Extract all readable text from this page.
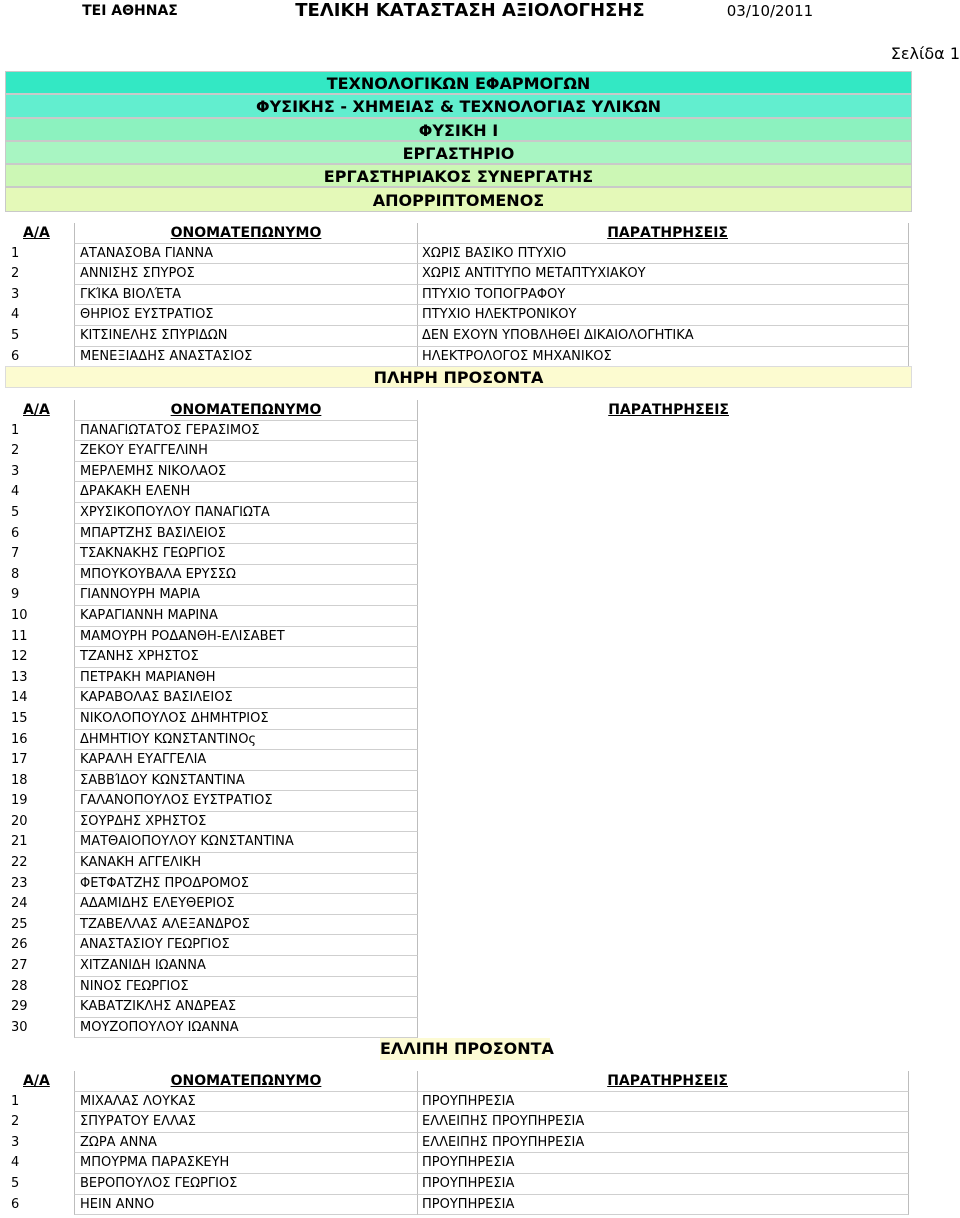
ΤΕΙ ΑΘΗΝΑΣ	ΤΕΛΙΚΗ ΚΑΤΑΣΤΑΣΗ ΑΞΙΟΛΟΓΗΣΗΣ	03/10/2011
Σελίδα 1
ΤΕΧΝΟΛΟΓΙΚΩΝ ΕΦΑΡΜΟΓΩΝ
ΦΥΣΙΚΗΣ - ΧΗΜΕΙΑΣ & ΤΕΧΝΟΛΟΓΙΑΣ ΥΛΙΚΩΝ
ΦΥΣΙΚΗ Ι
ΕΡΓΑΣΤΗΡΙΟ
ΕΡΓΑΣΤΗΡΙΑΚΟΣ ΣΥΝΕΡΓΑΤΗΣ
ΑΠΟΡΡΙΠΤΟΜΕΝΟΣ
Α/Α	ΟΝΟΜΑΤΕΠΩΝΥΜΟ	ΠΑΡΑΤΗΡΗΣΕΙΣ
1	ΑΤΑΝΑΣΟΒΑ ΓΙΑΝΝΑ	ΧΩΡΙΣ ΒΑΣΙΚΟ ΠΤΥΧΙΟ
2	ΑΝΝΙΣΗΣ ΣΠΥΡΟΣ	ΧΩΡΙΣ ΑΝΤΙΤΥΠΟ ΜΕΤΑΠΤΥΧΙΑΚΟΥ
3	ΓΚΊΚΑ ΒΙΟΛΈΤΑ	ΠΤΥΧΙΟ ΤΟΠΟΓΡΑΦΟΥ
4	ΘΗΡΙΟΣ ΕΥΣΤΡΑΤΙΟΣ	ΠΤΥΧΙΟ ΗΛΕΚΤΡΟΝΙΚΟΥ
5	ΚΙΤΣΙΝΕΛΗΣ ΣΠΥΡΙΔΩΝ	ΔΕΝ ΕΧΟΥΝ ΥΠΟΒΛΗΘΕΙ ΔΙΚΑΙΟΛΟΓΗΤΙΚΑ
6	ΜΕΝΕΞΙΑΔΗΣ ΑΝΑΣΤΑΣΙΟΣ	ΗΛΕΚΤΡΟΛΟΓΟΣ ΜΗΧΑΝΙΚΟΣ
ΠΛΗΡΗ ΠΡΟΣΟΝΤΑ
Α/Α	ΟΝΟΜΑΤΕΠΩΝΥΜΟ	ΠΑΡΑΤΗΡΗΣΕΙΣ
1	ΠΑΝΑΓΙΩΤΑΤΟΣ ΓΕΡΑΣΙΜΟΣ
2	ΖΕΚΟΥ ΕΥΑΓΓΕΛΙΝΗ
3	ΜΕΡΛΕΜΗΣ ΝΙΚΟΛΑΟΣ
4	ΔΡΑΚΑΚΗ ΕΛΕΝΗ
5	ΧΡΥΣΙΚΟΠΟΥΛΟΥ ΠΑΝΑΓΙΩΤΑ
6	ΜΠΑΡΤΖΗΣ ΒΑΣΙΛΕΙΟΣ
7	ΤΣΑΚΝΑΚΗΣ ΓΕΩΡΓΙΟΣ
8	ΜΠΟΥΚΟΥΒΑΛΑ ΕΡΥΣΣΩ
9	ΓΙΑΝΝΟΥΡΗ ΜΑΡΙΑ
10	ΚΑΡΑΓΙΑΝΝΗ ΜΑΡΙΝΑ
11	ΜΑΜΟΥΡΗ ΡΟΔΑΝΘΗ-ΕΛΙΣΑΒΕΤ
12	ΤΖΑΝΗΣ ΧΡΗΣΤΟΣ
13	ΠΕΤΡΑΚΗ ΜΑΡΙΑΝΘΗ
14	ΚΑΡΑΒΟΛΑΣ ΒΑΣΙΛΕΙΟΣ
15	ΝΙΚΟΛΟΠΟΥΛΟΣ ΔΗΜΗΤΡΙΟΣ
16	ΔΗΜΗΤΙΟΥ ΚΩΝΣΤΑΝΤΙΝΟς
17	ΚΑΡΑΛΗ ΕΥΑΓΓΕΛΙΑ
18	ΣΑΒΒΊΔΟΥ ΚΩΝΣΤΑΝΤΙΝΑ
19	ΓΑΛΑΝΟΠΟΥΛΟΣ ΕΥΣΤΡΑΤΙΟΣ
20	ΣΟΥΡΔΗΣ ΧΡΗΣΤΟΣ
21	ΜΑΤΘΑΙΟΠΟΥΛΟΥ ΚΩΝΣΤΑΝΤΙΝΑ
22	ΚΑΝΑΚΗ ΑΓΓΕΛΙΚΗ
23	ΦΕΤΦΑΤΖΗΣ ΠΡΟΔΡΟΜΟΣ
24	ΑΔΑΜΙΔΗΣ ΕΛΕΥΘΕΡΙΟΣ
25	ΤΖΑΒΕΛΛΑΣ ΑΛΕΞΑΝΔΡΟΣ
26	ΑΝΑΣΤΑΣΙΟΥ ΓΕΩΡΓΙΟΣ
27	ΧΙΤΖΑΝΙΔΗ ΙΩΑΝΝΑ
28	ΝΙΝΟΣ ΓΕΩΡΓΙΟΣ
29	ΚΑΒΑΤΖΙΚΛΗΣ ΑΝΔΡΕΑΣ
30	ΜΟΥΖΟΠΟΥΛΟΥ ΙΩΑΝΝΑ
ΕΛΛΙΠΗ ΠΡΟΣΟΝΤΑ
Α/Α	ΟΝΟΜΑΤΕΠΩΝΥΜΟ	ΠΑΡΑΤΗΡΗΣΕΙΣ
1	ΜΙΧΑΛΑΣ ΛΟΥΚΑΣ	ΠΡΟΥΠΗΡΕΣΙΑ
2	ΣΠΥΡΑΤΟΥ ΕΛΛΑΣ	ΕΛΛΕΙΠΗΣ ΠΡΟΥΠΗΡΕΣΙΑ
3	ΖΩΡΑ ΑΝΝΑ	ΕΛΛΕΙΠΗΣ ΠΡΟΥΠΗΡΕΣΙΑ
4	ΜΠΟΥΡΜΑ ΠΑΡΑΣΚΕΥΗ	ΠΡΟΥΠΗΡΕΣΙΑ
5	ΒΕΡΟΠΟΥΛΟΣ ΓΕΩΡΓΙΟΣ	ΠΡΟΥΠΗΡΕΣΙΑ
6	ΗΕΙΝ ΑΝΝΟ	ΠΡΟΥΠΗΡΕΣΙΑ
